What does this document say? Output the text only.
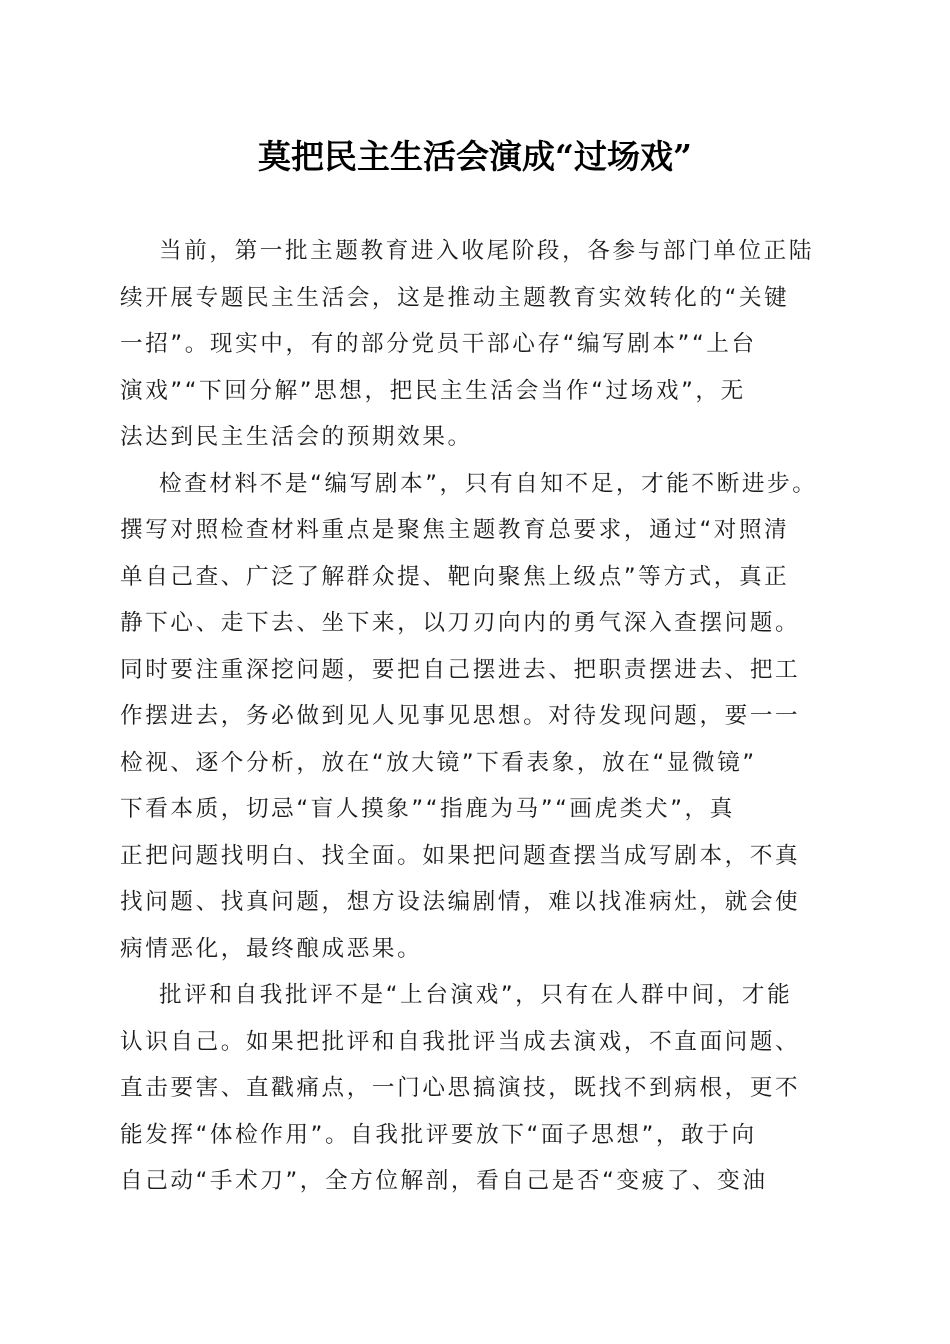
莫把民主生活会演成“过场戏”
当前，第一批主题教育进入收尾阶段，各参与部门单位正陆
续开展专题民主生活会，这是推动主题教育实效转化的“关键
一招”。现实中，有的部分党员干部心存“编写剧本”“上台
演戏”“下回分解”思想，把民主生活会当作“过场戏”，无
法达到民主生活会的预期效果。
检查材料不是“编写剧本”，只有自知不足，才能不断进步。
撰写对照检查材料重点是聚焦主题教育总要求，通过“对照清
单自己查、广泛了解群众提、靶向聚焦上级点”等方式，真正
静下心、走下去、坐下来，以刀刃向内的勇气深入查摆问题。
同时要注重深挖问题，要把自己摆进去、把职责摆进去、把工
作摆进去，务必做到见人见事见思想。对待发现问题，要一一
检视、逐个分析，放在“放大镜”下看表象，放在“显微镜”
下看本质，切忌“盲人摸象”“指鹿为马”“画虎类犬”，真
正把问题找明白、找全面。如果把问题查摆当成写剧本，不真
找问题、找真问题，想方设法编剧情，难以找准病灶，就会使
病情恶化，最终酿成恶果。
批评和自我批评不是“上台演戏”，只有在人群中间，才能
认识自己。如果把批评和自我批评当成去演戏，不直面问题、
直击要害、直戳痛点，一门心思搞演技，既找不到病根，更不
能发挥“体检作用”。自我批评要放下“面子思想”，敢于向
自己动“手术刀”，全方位解剖，看自己是否“变疲了、变油
